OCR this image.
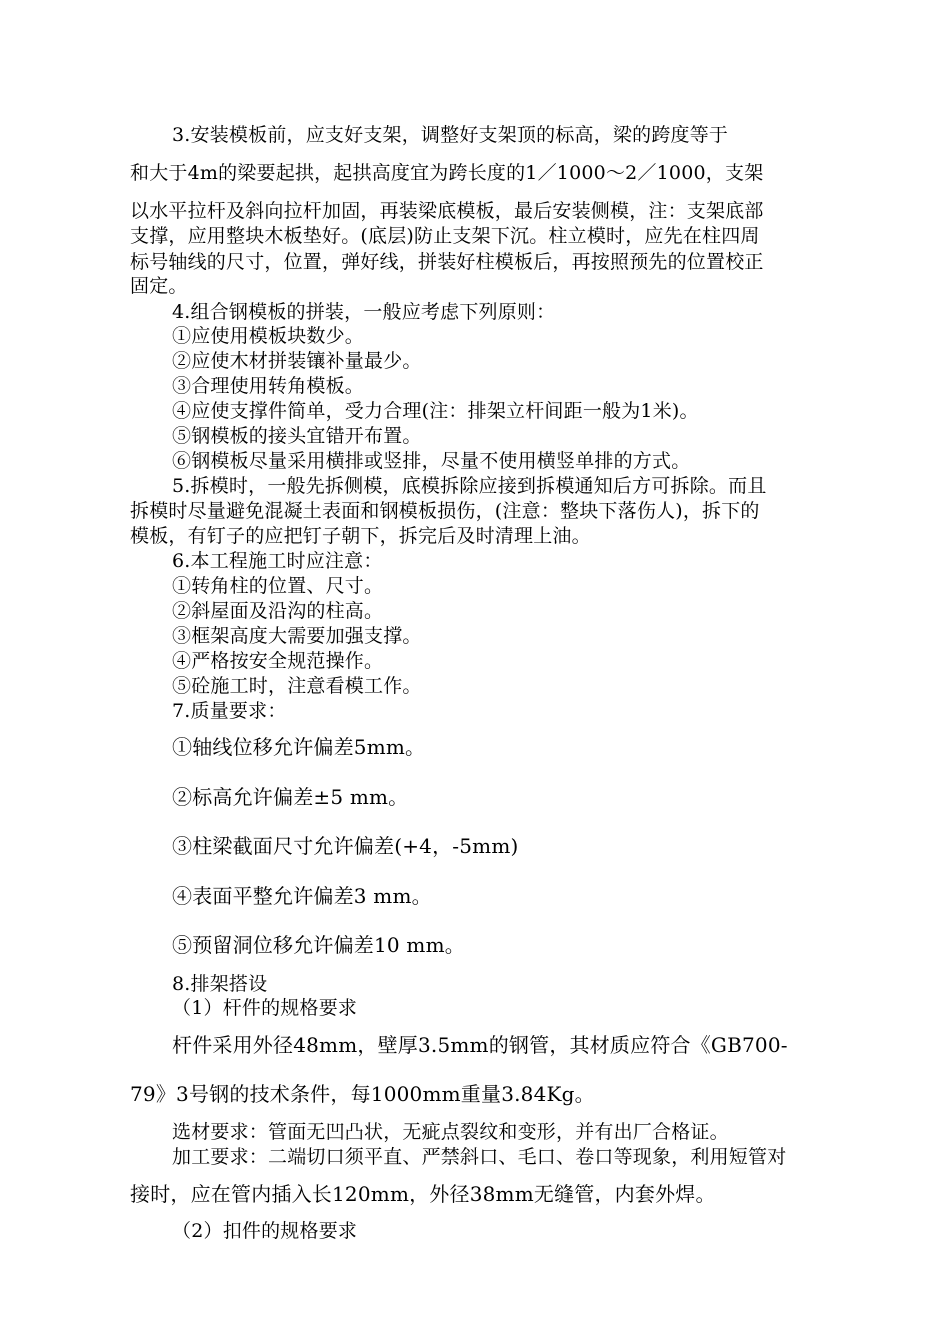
3.安装模板前，应支好支架，调整好支架顶的标高，梁的跨度等于
和大于4m的梁要起拱，起拱高度宜为跨长度的1／1000～2／1000，支架
以水平拉杆及斜向拉杆加固，再装梁底模板，最后安装侧模，注：支架底部
支撑，应用整块木板垫好。(底层)防止支架下沉。柱立模时，应先在柱四周
标号轴线的尺寸，位置，弹好线，拼装好柱模板后，再按照预先的位置校正
固定。
4.组合钢模板的拼装，一般应考虑下列原则：
①应使用模板块数少。
②应使木材拼装镶补量最少。
③合理使用转角模板。
④应使支撑件简单，受力合理(注：排架立杆间距一般为1米)。
⑤钢模板的接头宜错开布置。
⑥钢模板尽量采用横排或竖排，尽量不使用横竖单排的方式。
5.拆模时，一般先拆侧模，底模拆除应接到拆模通知后方可拆除。而且
拆模时尽量避免混凝土表面和钢模板损伤，(注意：整块下落伤人)，拆下的
模板，有钉子的应把钉子朝下，拆完后及时清理上油。
6.本工程施工时应注意：
①转角柱的位置、尺寸。
②斜屋面及沿沟的柱高。
③框架高度大需要加强支撑。
④严格按安全规范操作。
⑤砼施工时，注意看模工作。
7.质量要求：
①轴线位移允许偏差5mm。
②标高允许偏差±5 mm。
③柱梁截面尺寸允许偏差(+4，-5mm)
④表面平整允许偏差3 mm。
⑤预留洞位移允许偏差10 mm。
8.排架搭设
（1）杆件的规格要求
杆件采用外径48mm，壁厚3.5mm的钢管，其材质应符合《GB700-
79》3号钢的技术条件，每1000mm重量3.84Kg。
选材要求：管面无凹凸状，无疵点裂纹和变形，并有出厂合格证。
加工要求：二端切口须平直、严禁斜口、毛口、卷口等现象，利用短管对
接时，应在管内插入长120mm，外径38mm无缝管，内套外焊。
（2）扣件的规格要求
